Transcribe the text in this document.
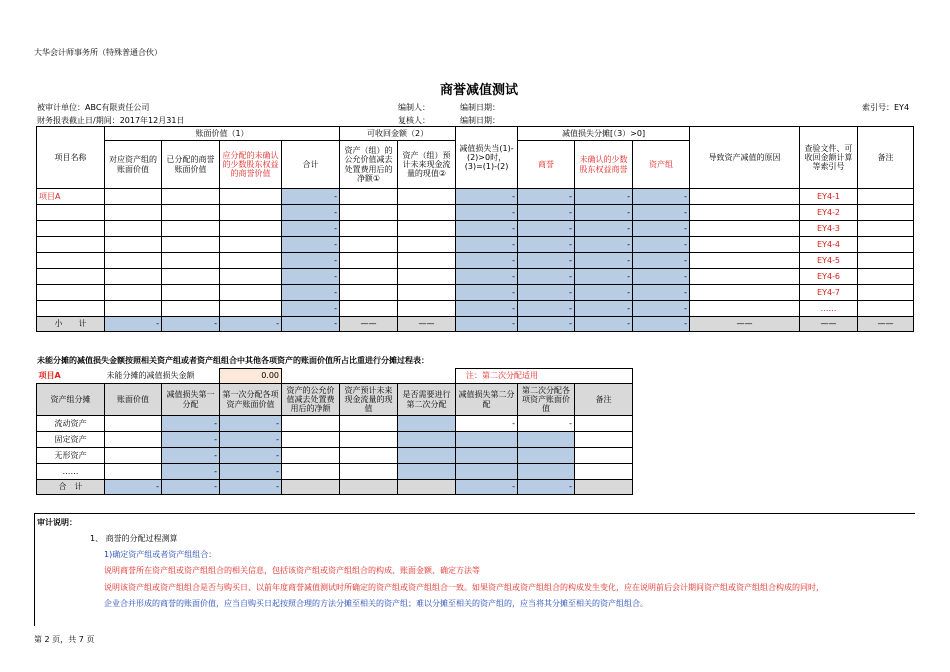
大华会计师事务所（特殊普通合伙）
商誉减值测试
被审计单位：ABC有限责任公司	编制人：	编制日期：	索引号：EY4
财务报表截止日/期间：2017年12月31日	复核人：	编制日期：
项目名称	账面价值（1）				可收回金额（2）		减值损失当(1)-(2)>0时，(3)=(1)-(2)	减值损失分摊[（3）>0]			导致资产减值的原因	查验文件、可收回金额计算等索引号	备注
	对应资产组的账面价值	已分配的商誉账面价值	应分配的未确认的少数股东权益的商誉价值	合计	资产（组）的公允价值减去处置费用后的净额①	资产（组）预计未来现金流量的现值②		商誉	未确认的少数股东权益商誉	资产组			
项目A				-			-	-	-	-		EY4-1	
				-			-	-	-	-		EY4-2	
				-			-	-	-	-		EY4-3	
				-			-	-	-	-		EY4-4	
				-			-	-	-	-		EY4-5	
				-			-	-	-	-		EY4-6	
				-			-	-	-	-		EY4-7	
				-			-	-	-	-		……	
小　　计	-	-	-	-	——	——	-	-	-	-	——	——	——
未能分摊的减值损失金额按照相关资产组或者资产组组合中其他各项资产的账面价值所占比重进行分摊过程表：
项目A	未能分摊的减值损失金额		0.00				注：第二次分配适用		
资产组分摊	账面价值	减值损失第一分配	第一次分配各项资产账面价值	资产的公允价值减去处置费用后的净额	资产预计未来现金流量的现值	是否需要进行第二次分配	减值损失第二分配	第二次分配各项资产账面价值	备注
流动资产		-	-				-	-	
固定资产		-	-						
无形资产		-	-						
……		-	-						
合　计	-	-	-				-	-	
审计说明：
1、 商誉的分配过程测算
1)确定资产组或者资产组组合：
说明商誉所在资产组或资产组组合的相关信息，包括该资产组或资产组组合的构成、账面金额、确定方法等
说明该资产组或资产组组合是否与购买日、以前年度商誉减值测试时所确定的资产组或资产组组合一致。如果资产组或资产组组合的构成发生变化，应在说明前后会计期间资产组或资产组组合构成的同时，
企业合并形成的商誉的账面价值，应当自购买日起按照合理的方法分摊至相关的资产组；难以分摊至相关的资产组的，应当将其分摊至相关的资产组组合。
第 2 页，共 7 页
